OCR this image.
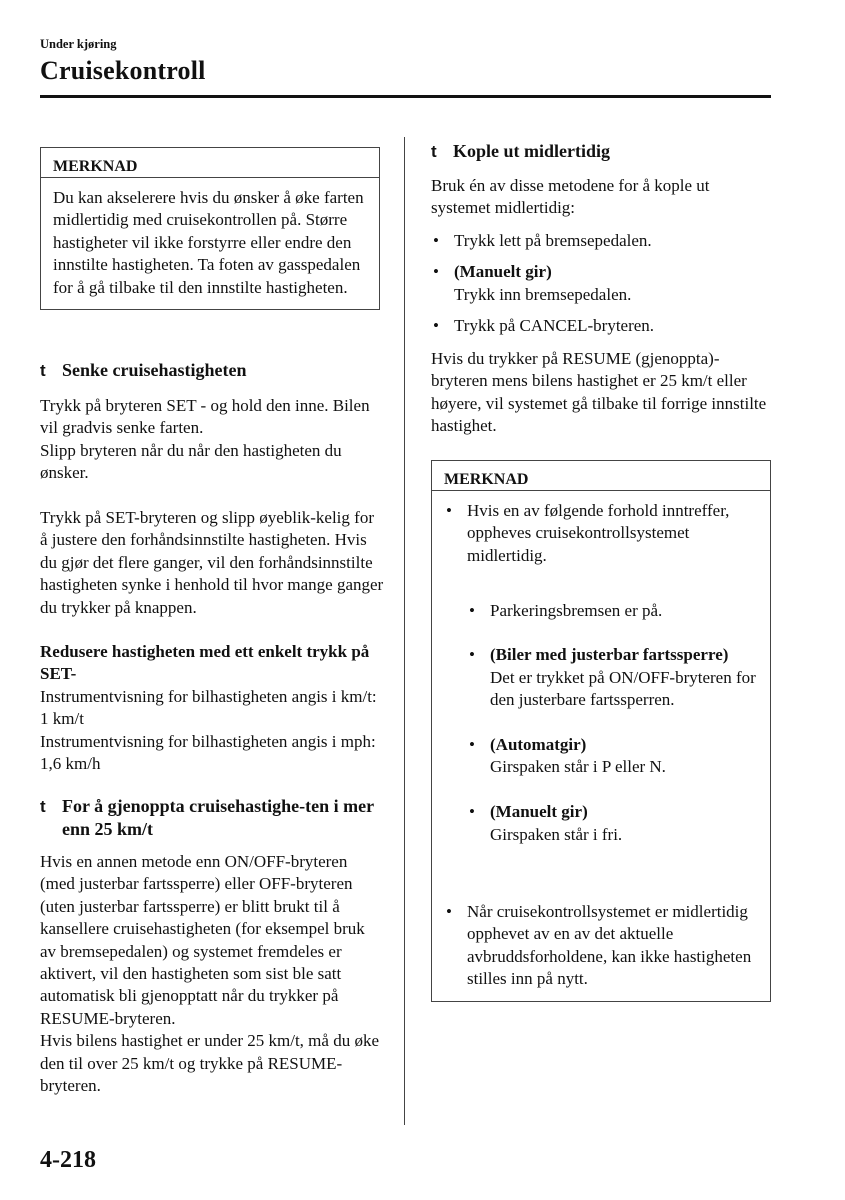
Under kjøring
Cruisekontroll
MERKNAD
Du kan akselerere hvis du ønsker å øke farten midlertidig med cruisekontrollen på. Større hastigheter vil ikke forstyrre eller endre den innstilte hastigheten. Ta foten av gasspedalen for å gå tilbake til den innstilte hastigheten.
t Senke cruisehastigheten
Trykk på bryteren SET - og hold den inne. Bilen vil gradvis senke farten.
Slipp bryteren når du når den hastigheten du ønsker.
Trykk på SET-bryteren og slipp øyeblik-kelig for å justere den forhåndsinnstilte hastigheten. Hvis du gjør det flere ganger, vil den forhåndsinnstilte hastigheten synke i henhold til hvor mange ganger du trykker på knappen.
Redusere hastigheten med ett enkelt trykk på SET-
Instrumentvisning for bilhastigheten angis i km/t: 1 km/t
Instrumentvisning for bilhastigheten angis i mph: 1,6 km/h
t For å gjenoppta cruisehastighe-ten i mer enn 25 km/t
Hvis en annen metode enn ON/OFF-bryteren (med justerbar fartssperre) eller OFF-bryteren (uten justerbar fartssperre) er blitt brukt til å kansellere cruisehastigheten (for eksempel bruk av bremsepedalen) og systemet fremdeles er aktivert, vil den hastigheten som sist ble satt automatisk bli gjenopptatt når du trykker på RESUME-bryteren.
Hvis bilens hastighet er under 25 km/t, må du øke den til over 25 km/t og trykke på RESUME-bryteren.
t Kople ut midlertidig
Bruk én av disse metodene for å kople ut systemet midlertidig:
• Trykk lett på bremsepedalen.
• (Manuelt gir)
Trykk inn bremsepedalen.
• Trykk på CANCEL-bryteren.
Hvis du trykker på RESUME (gjenoppta)-bryteren mens bilens hastighet er 25 km/t eller høyere, vil systemet gå tilbake til forrige innstilte hastighet.
MERKNAD
• Hvis en av følgende forhold inntreffer, oppheves cruisekontrollsystemet midlertidig.

• Parkeringsbremsen er på.

• (Biler med justerbar fartssperre)
Det er trykket på ON/OFF-bryteren for den justerbare fartssperren.

• (Automatgir)
Girspaken står i P eller N.

• (Manuelt gir)
Girspaken står i fri.

• Når cruisekontrollsystemet er midlertidig opphevet av en av det aktuelle avbruddsforholdene, kan ikke hastigheten stilles inn på nytt.
4-218
